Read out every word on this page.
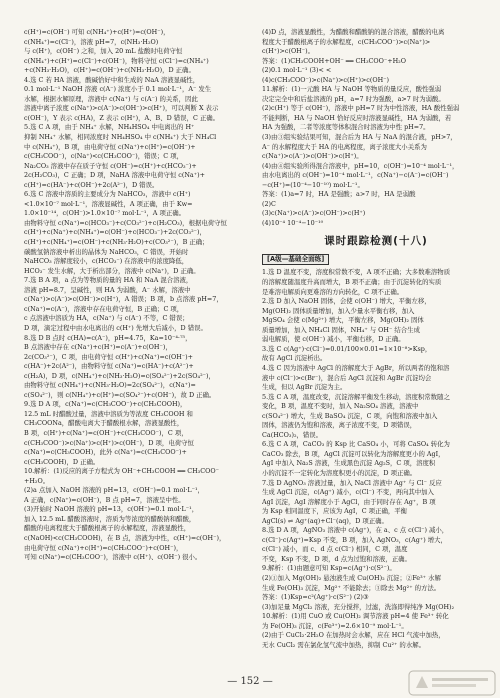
c(H⁺)=c(OH⁻) 可知 c(NH₄⁺)+c(H⁺)=c(OH⁻)，

c(NH₄⁺)=c(Cl⁻)，溶液 pH=7，c(NH₃·H₂O)

与 c(H⁺)，c(OH⁻) 之和，加入 20 mL 盐酸时电荷守恒

c(NH₄⁺)+c(H⁺)=c(Cl⁻)+c(OH⁻)，物料守恒 c(Cl⁻)=c(NH₄⁺)

+c(NH₃·H₂O)，c(H⁺)=c(OH⁻)+c(NH₃·H₂O)，D 正确。

4.选 C 若 HA 溶液，酸碱恰好中和生成的 NaA 溶液显碱性，

0.1 mol·L⁻¹ NaOH 溶液 c(A⁻) 浓度小于 0.1 mol·L⁻¹，A⁻ 发生

水解，根据水解原理，溶液中 c(Na⁺) 与 c(A⁻) 的关系，因此

溶液中离子浓度 c(Na⁺)>c(A⁻)>c(OH⁻)>c(H⁺)，可以判断 X 表示

c(OH⁻)，Y 表示 c(HA)，Z 表示 c(H⁺)，A、B、D 错误，C 正确。

5.选 C A 项，由于 NH₄⁺ 水解，NH₄HSO₄ 中电离出的 H⁺

抑制 NH₄⁺ 水解，相同浓度时 NH₄HSO₄ 中 c(NH₄⁺) 大于 NH₄Cl

中 c(NH₄⁺)，B 项，由电荷守恒 c(Na⁺)+c(H⁺)=c(OH⁻)+

c(CH₃COO⁻)，c(Na⁺)<c(CH₃COO⁻)，错误；C 项，

Na₂CO₃ 溶液中存在质子守恒 c(OH⁻)=c(H⁺)+c(HCO₃⁻)+

2c(H₂CO₃)，C 正确；D 项，NaHA 溶液中电荷守恒 c(Na⁺)+

c(H⁺)=c(HA⁻)+c(OH⁻)+2c(A²⁻)，D 错误。

6.选 C 溶液中溶质的主要成分为 NaHCO₃，溶液中 c(H⁺)

<1.0×10⁻⁷ mol·L⁻¹，溶液显碱性，A 项正确，由于 Kw=

1.0×10⁻¹⁴，c(OH⁻)>1.0×10⁻⁷ mol·L⁻¹，A 项正确。

由物料守恒 c(Na⁺)=c(HCO₃⁻)+c(CO₃²⁻)+c(H₂CO₃)，根据电荷守恒

c(H⁺)+c(Na⁺)+c(NH₄⁺)=c(OH⁻)+c(HCO₃⁻)+2c(CO₃²⁻)，

c(H⁺)+c(NH₄⁺)=c(OH⁻)+c(NH₃·H₂O)+c(CO₃²⁻)，B 正确；

碳酸氢钠溶液中析出的晶体为 NaHCO₃，C 错误，开始时

NaHCO₃ 溶解度较小，c(HCO₃⁻) 在溶液中的浓度降低，

HCO₃⁻ 发生水解，大于析出部分，溶液中 c(Na⁺)，D 正确。

7.选 B A 项，a 点为等物质的量的 HA 和 NaA 混合溶液，

溶液 pH=8.7，呈碱性，则 HA 为弱酸，A⁻ 水解，溶液中

c(Na⁺)>c(A⁻)>c(OH⁻)>c(H⁺)，A 错误；B 项，b 点溶液 pH=7，

c(Na⁺)=c(A⁻)，溶液中存在电荷守恒，B 正确；C 项，

c 点溶液中溶质为 HA，c(Na⁺) 与 c(A⁻) 不等，C 错误；

D 项，滴定过程中由水电离出的 c(H⁺) 先增大后减小，D 错误。

8.选 D B 点时 c(HA)=c(A⁻)，pH=4.75，Ka=10⁻⁴·⁷⁵，

B 点溶液中存在 c(Na⁺)+c(H⁺)=c(A⁻)+c(OH⁻)，

2c(CO₃²⁻)，C 项，由电荷守恒 c(H⁺)+c(Na⁺)=c(OH⁻)+

c(HA⁻)+2c(A²⁻)，由物料守恒 c(Na⁺)=c(HA⁻)+c(A²⁻)+

c(H₂A)，D 项，c(NH₄⁺)+c(NH₃·H₂O)=c(SO₄²⁻)+2c(SO₄²⁻)，

由物料守恒 c(NH₄⁺)+c(NH₃·H₂O)=2c(SO₄²⁻)，c(Na⁺)=

c(SO₄²⁻)，则 c(NH₄⁺)+c(H⁺)=c(SO₄²⁻)+c(OH⁻)，故 D 正确。

9.选 D A 项，c(Na⁺)=c(CH₃COO⁻)+c(CH₃COOH)，

12.5 mL 时醋酸过量，溶液中溶质为等浓度 CH₃COOH 和

CH₃COONa，醋酸电离大于醋酸根水解，溶液显酸性，

B 项，c(H⁺)+c(Na⁺)=c(OH⁻)+c(CH₃COO⁻)，C 项，

c(CH₃COO⁻)>c(Na⁺)>c(H⁺)>c(OH⁻)，D 项，电荷守恒

c(Na⁺)=c(CH₃COOH)，此外 c(Na⁺)=c(CH₃COO⁻)+

c(CH₃COOH)，D 正确。

10.解析：(1)反应的离子方程式为 OH⁻+CH₃COOH ══ CH₃COO⁻

+H₂O。

(2)a 点加入 NaOH 溶液的 pH=13，c(OH⁻)=0.1 mol·L⁻¹，

A 正确，c(Na⁺)=c(OH⁻)，B 点 pH=7，溶液呈中性。

(3)开始时 NaOH 溶液的 pH=13，c(OH⁻)=0.1 mol·L⁻¹，

加入 12.5 mL 醋酸溶液时，溶质为等浓度的醋酸钠和醋酸，

醋酸的电离程度大于醋酸根离子的水解程度，溶液显酸性，

c(NaOH)<c(CH₃COOH)，在 B 点，溶液为中性，c(H⁺)=c(OH⁻)，

由电荷守恒 c(Na⁺)+c(H⁺)=c(CH₃COO⁻)+c(OH⁻)，

可知 c(Na⁺)=c(CH₃COO⁻)，溶液中 c(H⁺)、c(OH⁻) 很小。

(4)D 点，溶液显酸性，为醋酸和醋酸钠的混合溶液，醋酸的电离

程度大于醋酸根离子的水解程度，c(CH₃COO⁻)>c(Na⁺)>

c(H⁺)>c(OH⁻)。

答案：(1)CH₃COOH+OH⁻ ══ CH₃COO⁻+H₂O

(2)0.1 mol·L⁻¹ (3)< <

(4)c(CH₃COO⁻)>c(Na⁺)>c(H⁺)>c(OH⁻)

11.解析：(1)一元酸 HA 与 NaOH 等物质的量反应，酸性强弱

决定完全中和后盐溶液的 pH，a=7 时为强酸，a>7 时为弱酸。

(2)c(H⁺) 等于 c(OH⁻)，溶液中 pH=7 时为中性溶液，HA 酸性强弱

不能判断，HA 与 NaOH 恰好反应时溶液显碱性，HA 为弱酸，若

HA 为强酸，二者等浓度等体积混合时溶液为中性 pH=7。

(3)由③组实验结果可知，混合后为 HA 与 NaA 的混合液，pH>7，

A⁻ 的水解程度大于 HA 的电离程度，离子浓度大小关系为

c(Na⁺)>c(A⁻)>c(OH⁻)>c(H⁺)。

(4)由④组实验所得混合溶液中，pH=10，c(OH⁻)=10⁻⁴ mol·L⁻¹，

由水电离出的 c(OH⁻)=10⁻⁴ mol·L⁻¹，c(Na⁺)−c(A⁻)=c(OH⁻)

−c(H⁺)=(10⁻⁴−10⁻¹⁰) mol·L⁻¹。

答案：(1)a=7 时，HA 是强酸；a>7 时，HA 是弱酸

(2)C

(3)c(Na⁺)>c(A⁻)>c(OH⁻)>c(H⁺)

(4)10⁻⁴ 10⁻⁴−10⁻¹⁰

课时跟踪检测(十八)
[A级—基础全面练]

1.选 D 温度不变，溶度积常数不变，A 项不正确；大多数难溶物质

的溶解度随温度升高而增大，B 项不正确；由于沉淀转化的实质

是难溶电解质向更难溶的方向转化，C 项不正确。

2.选 D 加入 NaOH 固体，会使 c(OH⁻) 增大，平衡左移，

Mg(OH)₂ 固体质量增加，加入少量水平衡右移，加入

MgSO₄ 会使 c(Mg²⁺) 增大，平衡左移，Mg(OH)₂ 固体

质量增加，加入 NH₄Cl 固体，NH₄⁺ 与 OH⁻ 结合生成

弱电解质，使 c(OH⁻) 减小，平衡右移，D 正确。

3.选 C c(Ag⁺)·c(Cl⁻)=0.01/100×0.01=1×10⁻⁸>Ksp，

故有 AgCl 沉淀析出。

4.选 C 因为溶液中 AgCl 的溶解度大于 AgBr，所以两者的饱和溶

液中 c(Cl⁻)>c(Br⁻)，混合后 AgCl 沉淀和 AgBr 沉淀均会

生成，但以 AgBr 沉淀为主。

5.选 C A 项，温度改变，沉淀溶解平衡发生移动，溶度积常数随之

变化，B 项，温度不变时，加入 Na₂SO₄ 溶液，溶液中

c(SO₄²⁻) 增大，生成 BaSO₄ 沉淀，C 项，向饱和溶液中加入

固体，溶液仍为饱和溶液，离子浓度不变，D 项错误，

Ca(HCO₃)₂，错误。

6.选 C A 项，CaCO₃ 的 Ksp 比 CaSO₄ 小，可将 CaSO₄ 转化为

CaCO₃ 除去，B 项，AgCl 沉淀可以转化为溶解度更小的 AgI，

AgI 中加入 Na₂S 溶液，生成黑色沉淀 Ag₂S，C 项，溶度积

小的沉淀不一定转化为溶度积更小的沉淀，D 项正确。

7.选 D AgNO₃ 溶液过量，加入 NaCl 溶液中 Ag⁺ 与 Cl⁻ 反应

生成 AgCl 沉淀，c(Ag⁺) 减小，c(Cl⁻) 不变，再向其中加入

AgI 沉淀，AgI 溶解度小于 AgCl，由于同时存在 Ag⁺，B 项

为 Ksp 相同温度下，应该为 AgI，C 项正确，平衡

AgCl(s) ⇌ Ag⁺(aq)+Cl⁻(aq)，D 项正确。

8.选 D A 项，AgNO₃ 溶液中 c(Ag⁺)，在 a、c 点 c(Cl⁻) 减小，

c(Cl⁻)·c(Ag⁺)=Ksp 不变，B 项，加入 AgNO₃，c(Ag⁺) 增大，

c(Cl⁻) 减小，而 c、d 点 c(Cl⁻) 相同，C 项，温度

不变，Ksp 不变，D 项，d 点为过饱和溶液，正确。

9.解析：(1)由题意可知 Ksp=c(Ag⁺)·c(S²⁻)。

(2)①加入 Mg(OH)₂ 悬浊液生成 Cu(OH)₂ 沉淀；②Fe³⁺ 水解

生成 Fe(OH)₃ 沉淀，Mg²⁺ 不能除去；③除去 Mg²⁺ 的方法。

答案：(1)Ksp=c²(Ag⁺)·c(S²⁻) (2)③

(3)加足量 MgCl₂ 溶液，充分搅拌，过滤，洗涤即得纯净 Mg(OH)₂

10.解析：(1)用 CuO 或 Cu(OH)₂ 调节溶液 pH=4 使 Fe³⁺ 转化

为 Fe(OH)₃ 沉淀，c(Fe³⁺)=2.6×10⁻⁹ mol·L⁻¹。

(2)由于 CuCl₂·2H₂O 在加热时会水解，应在 HCl 气流中加热，

无水 CuCl₂ 需在氯化氢气流中加热，抑制 Cu²⁺ 的水解。

— 152 —
